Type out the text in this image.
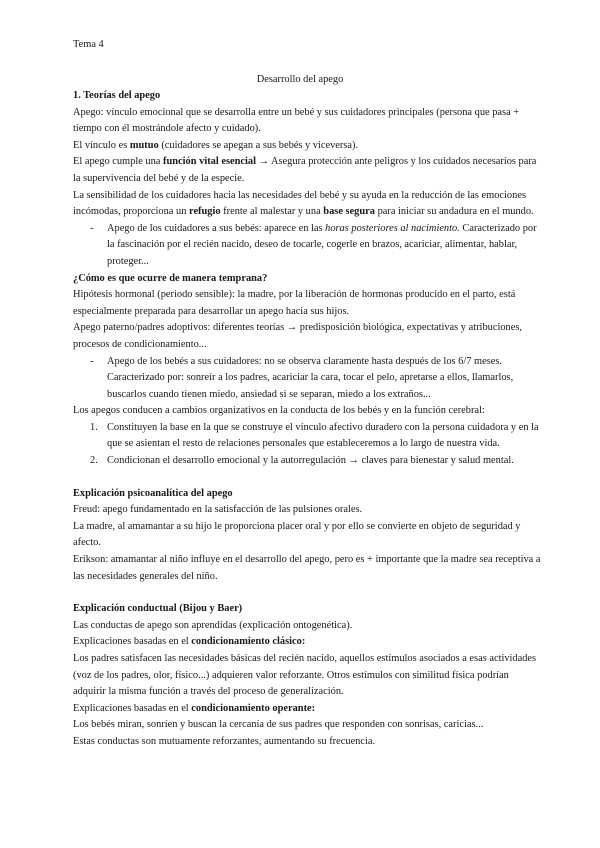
Tema 4
Desarrollo del apego

1. Teorías del apego

Apego: vínculo emocional que se desarrolla entre un bebé y sus cuidadores principales (persona que pasa + tiempo con él mostrándole afecto y cuidado).

El vínculo es mutuo (cuidadores se apegan a sus bebés y viceversa).

El apego cumple una función vital esencial → Asegura protección ante peligros y los cuidados necesarios para la supervivencia del bebé y de la especie.

La sensibilidad de los cuidadores hacia las necesidades del bebé y su ayuda en la reducción de las emociones incómodas, proporciona un refugio frente al malestar y una base segura para iniciar su andadura en el mundo.

- Apego de los cuidadores a sus bebés: aparece en las horas posteriores al nacimiento. Caracterizado por la fascinación por el recién nacido, deseo de tocarle, cogerle en brazos, acariciar, alimentar, hablar, proteger...

¿Cómo es que ocurre de manera temprana?

Hipótesis hormonal (periodo sensible): la madre, por la liberación de hormonas producido en el parto, está especialmente preparada para desarrollar un apego hacia sus hijos.

Apego paterno/padres adoptivos: diferentes teorías → predisposición biológica, expectativas y atribuciones, procesos de condicionamiento...

- Apego de los bebés a sus cuidadores: no se observa claramente hasta después de los 6/7 meses. Caracterizado por: sonreír a los padres, acariciar la cara, tocar el pelo, apretarse a ellos, llamarlos, buscarlos cuando tienen miedo, ansiedad si se separan, miedo a los extraños...

Los apegos conducen a cambios organizativos en la conducta de los bebés y en la función cerebral:

1. Constituyen la base en la que se construye el vínculo afectivo duradero con la persona cuidadora y en la que se asientan el resto de relaciones personales que estableceremos a lo largo de nuestra vida.
2. Condicionan el desarrollo emocional y la autorregulación → claves para bienestar y salud mental.

Explicación psicoanalítica del apego

Freud: apego fundamentado en la satisfacción de las pulsiones orales.

La madre, al amamantar a su hijo le proporciona placer oral y por ello se convierte en objeto de seguridad y afecto.

Erikson: amamantar al niño influye en el desarrollo del apego, pero es + importante que la madre sea receptiva a las necesidades generales del niño.

Explicación conductual (Bijou y Baer)

Las conductas de apego son aprendidas (explicación ontogenética).

Explicaciones basadas en el condicionamiento clásico:

Los padres satisfacen las necesidades básicas del recién nacido, aquellos estímulos asociados a esas actividades (voz de los padres, olor, físico...) adquieren valor reforzante. Otros estímulos con similitud física podrían adquirir la misma función a través del proceso de generalización.

Explicaciones basadas en el condicionamiento operante:

Los bebés miran, sonríen y buscan la cercanía de sus padres que responden con sonrisas, caricias...

Estas conductas son mutuamente reforzantes, aumentando su frecuencia.
